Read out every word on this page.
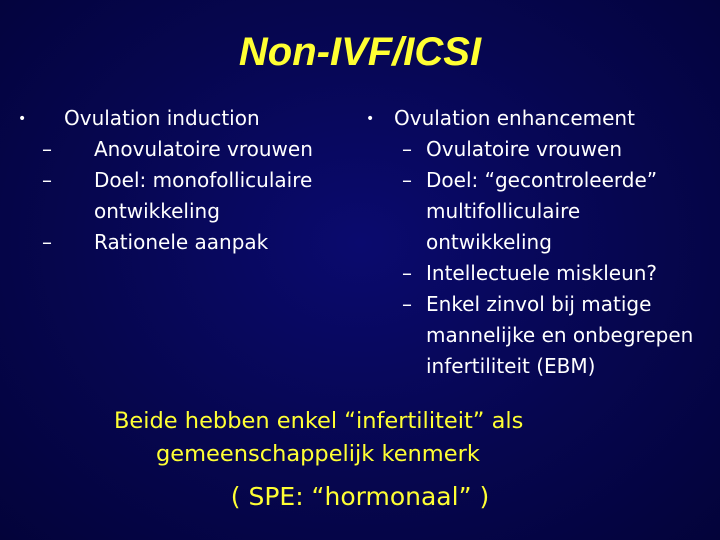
Non-IVF/ICSI
• Ovulation induction
– Anovulatoire vrouwen
– Doel: monofolliculaire
ontwikkeling
– Rationele aanpak
• Ovulation enhancement
– Ovulatoire vrouwen
– Doel: “gecontroleerde”
multifolliculaire
ontwikkeling
– Intellectuele miskleun?
– Enkel zinvol bij matige
mannelijke en onbegrepen
infertiliteit (EBM)
Beide hebben enkel “infertiliteit” als
gemeenschappelijk kenmerk
( SPE: “hormonaal” )
